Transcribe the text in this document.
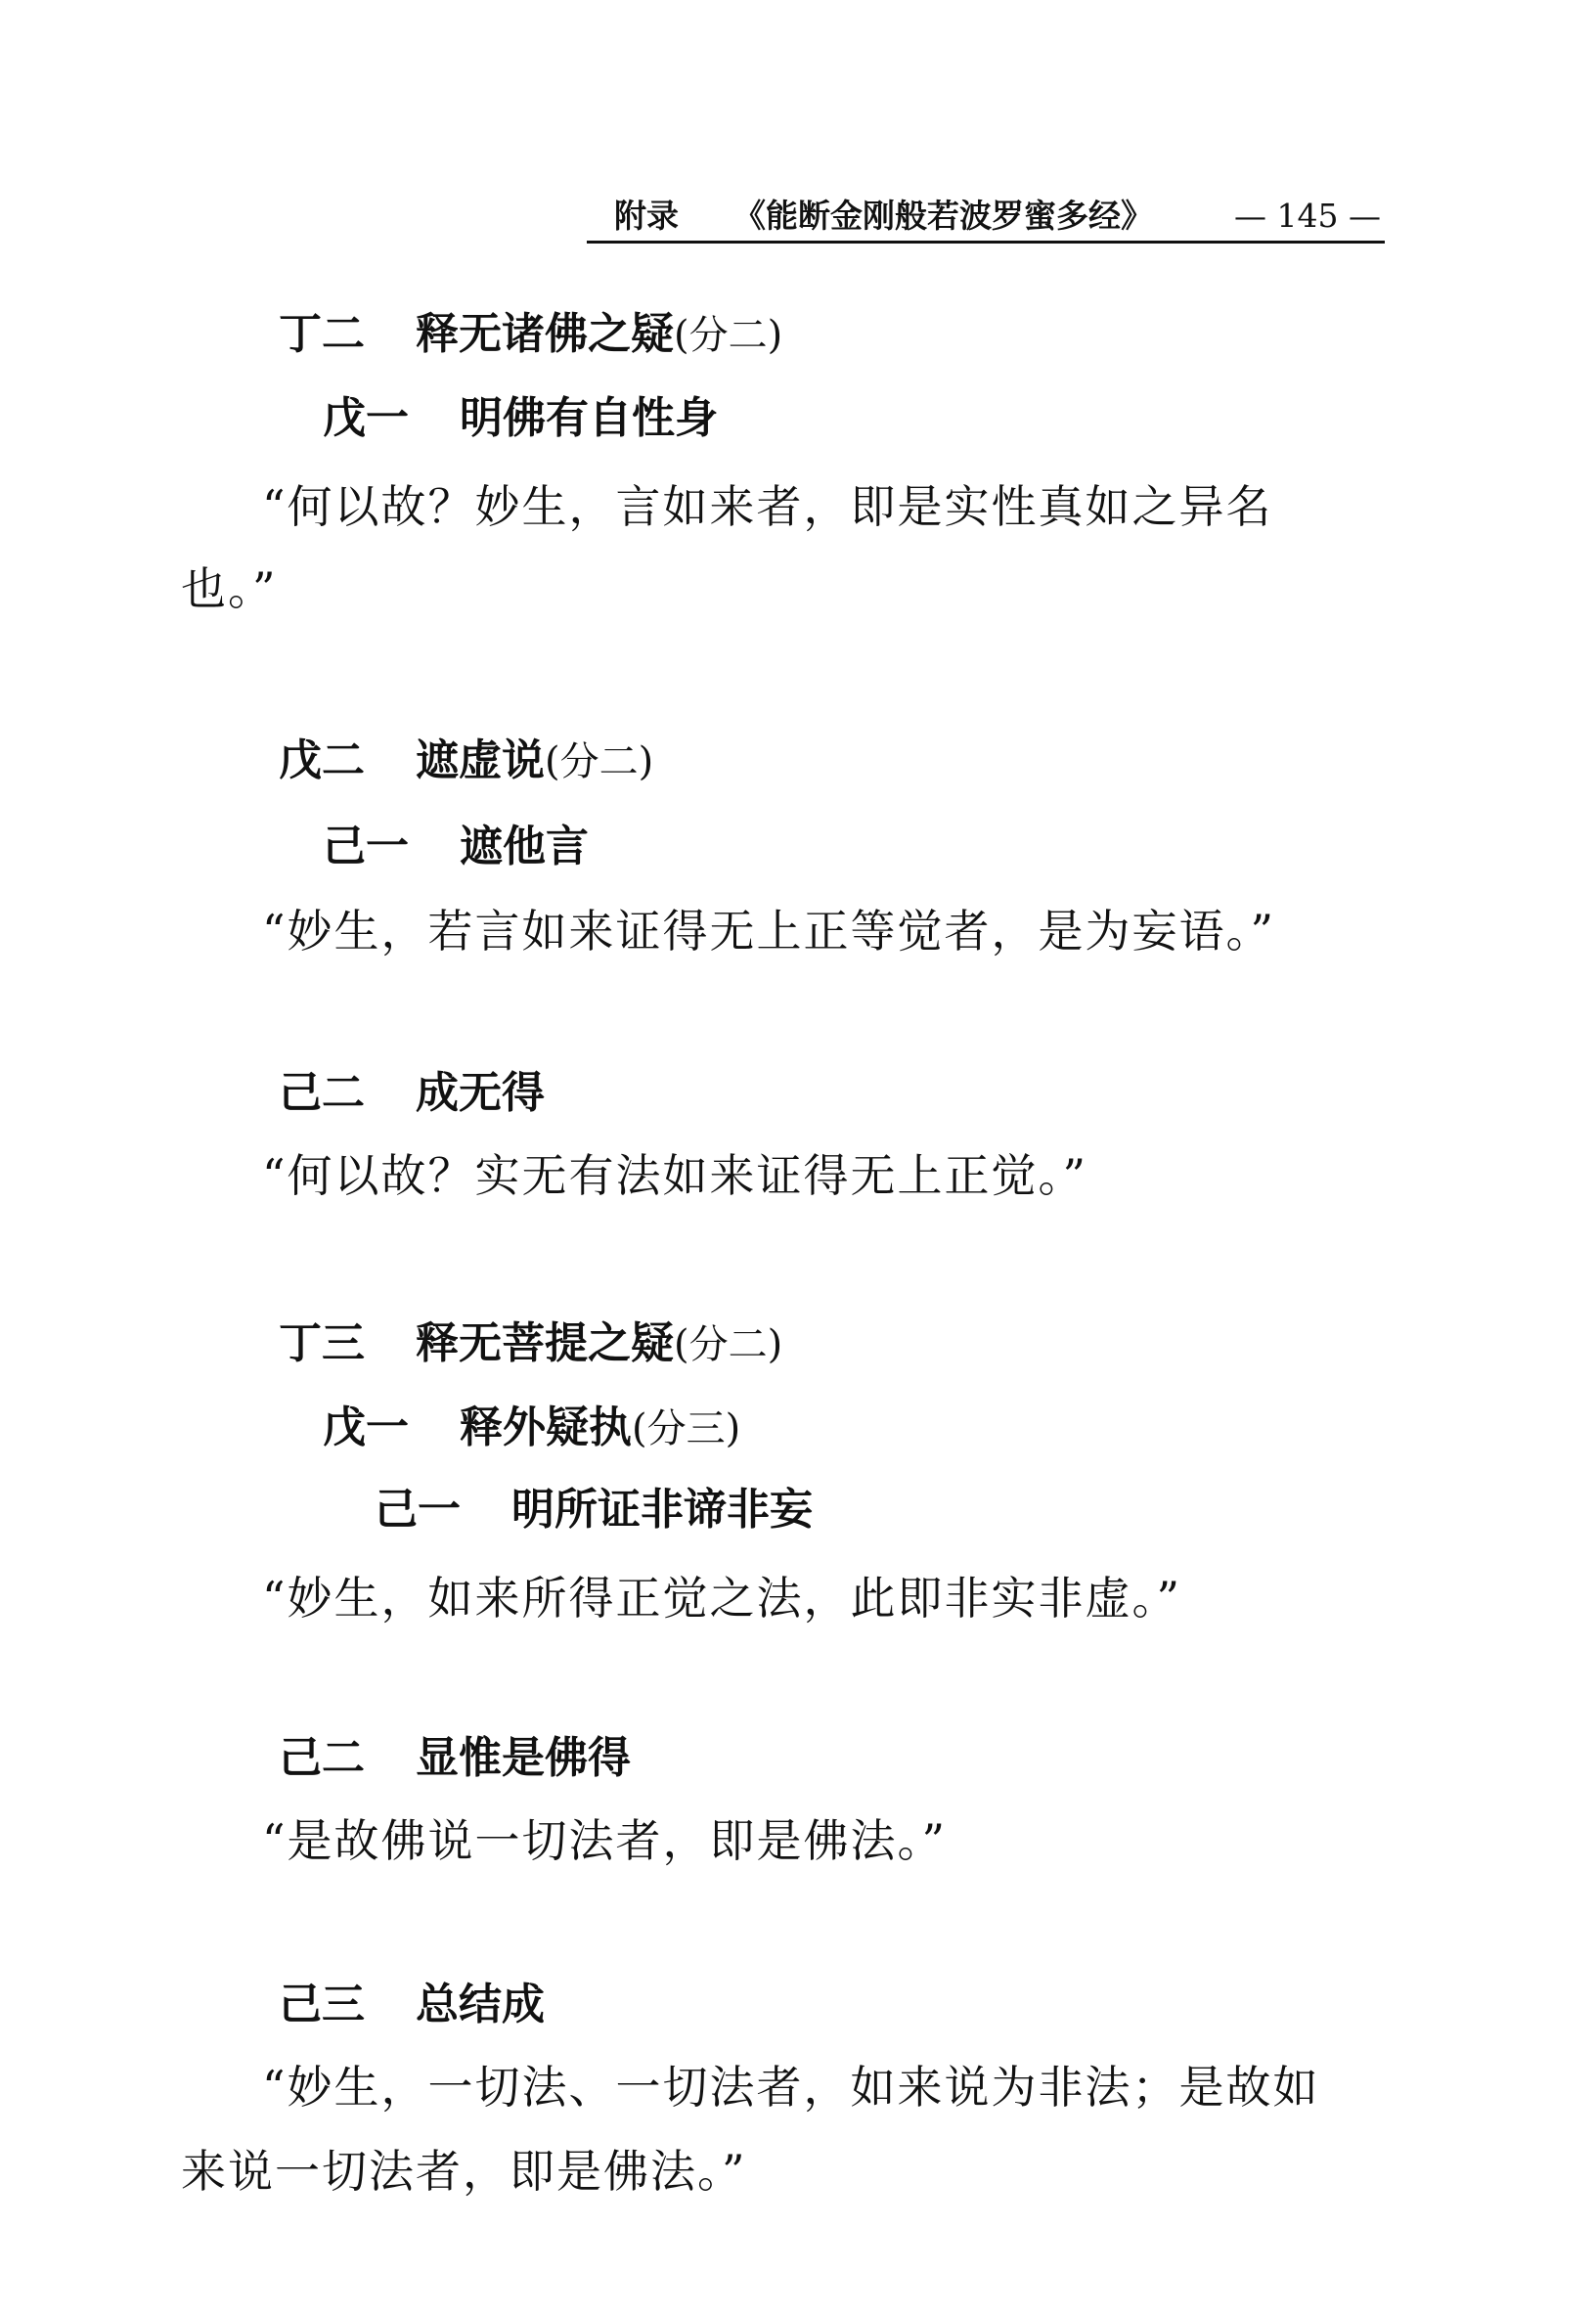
附录 《能断金刚般若波罗蜜多经》	— 145 —
丁二 释无诸佛之疑(分二)
戊一 明佛有自性身
“何以故？妙生，言如来者，即是实性真如之异名
也。”
戊二 遮虚说(分二)
己一 遮他言
“妙生，若言如来证得无上正等觉者，是为妄语。”
己二 成无得
“何以故？实无有法如来证得无上正觉。”
丁三 释无菩提之疑(分二)
戊一 释外疑执(分三)
己一 明所证非谛非妄
“妙生，如来所得正觉之法，此即非实非虚。”
己二 显惟是佛得
“是故佛说一切法者，即是佛法。”
己三 总结成
“妙生，一切法、一切法者，如来说为非法；是故如
来说一切法者，即是佛法。”
